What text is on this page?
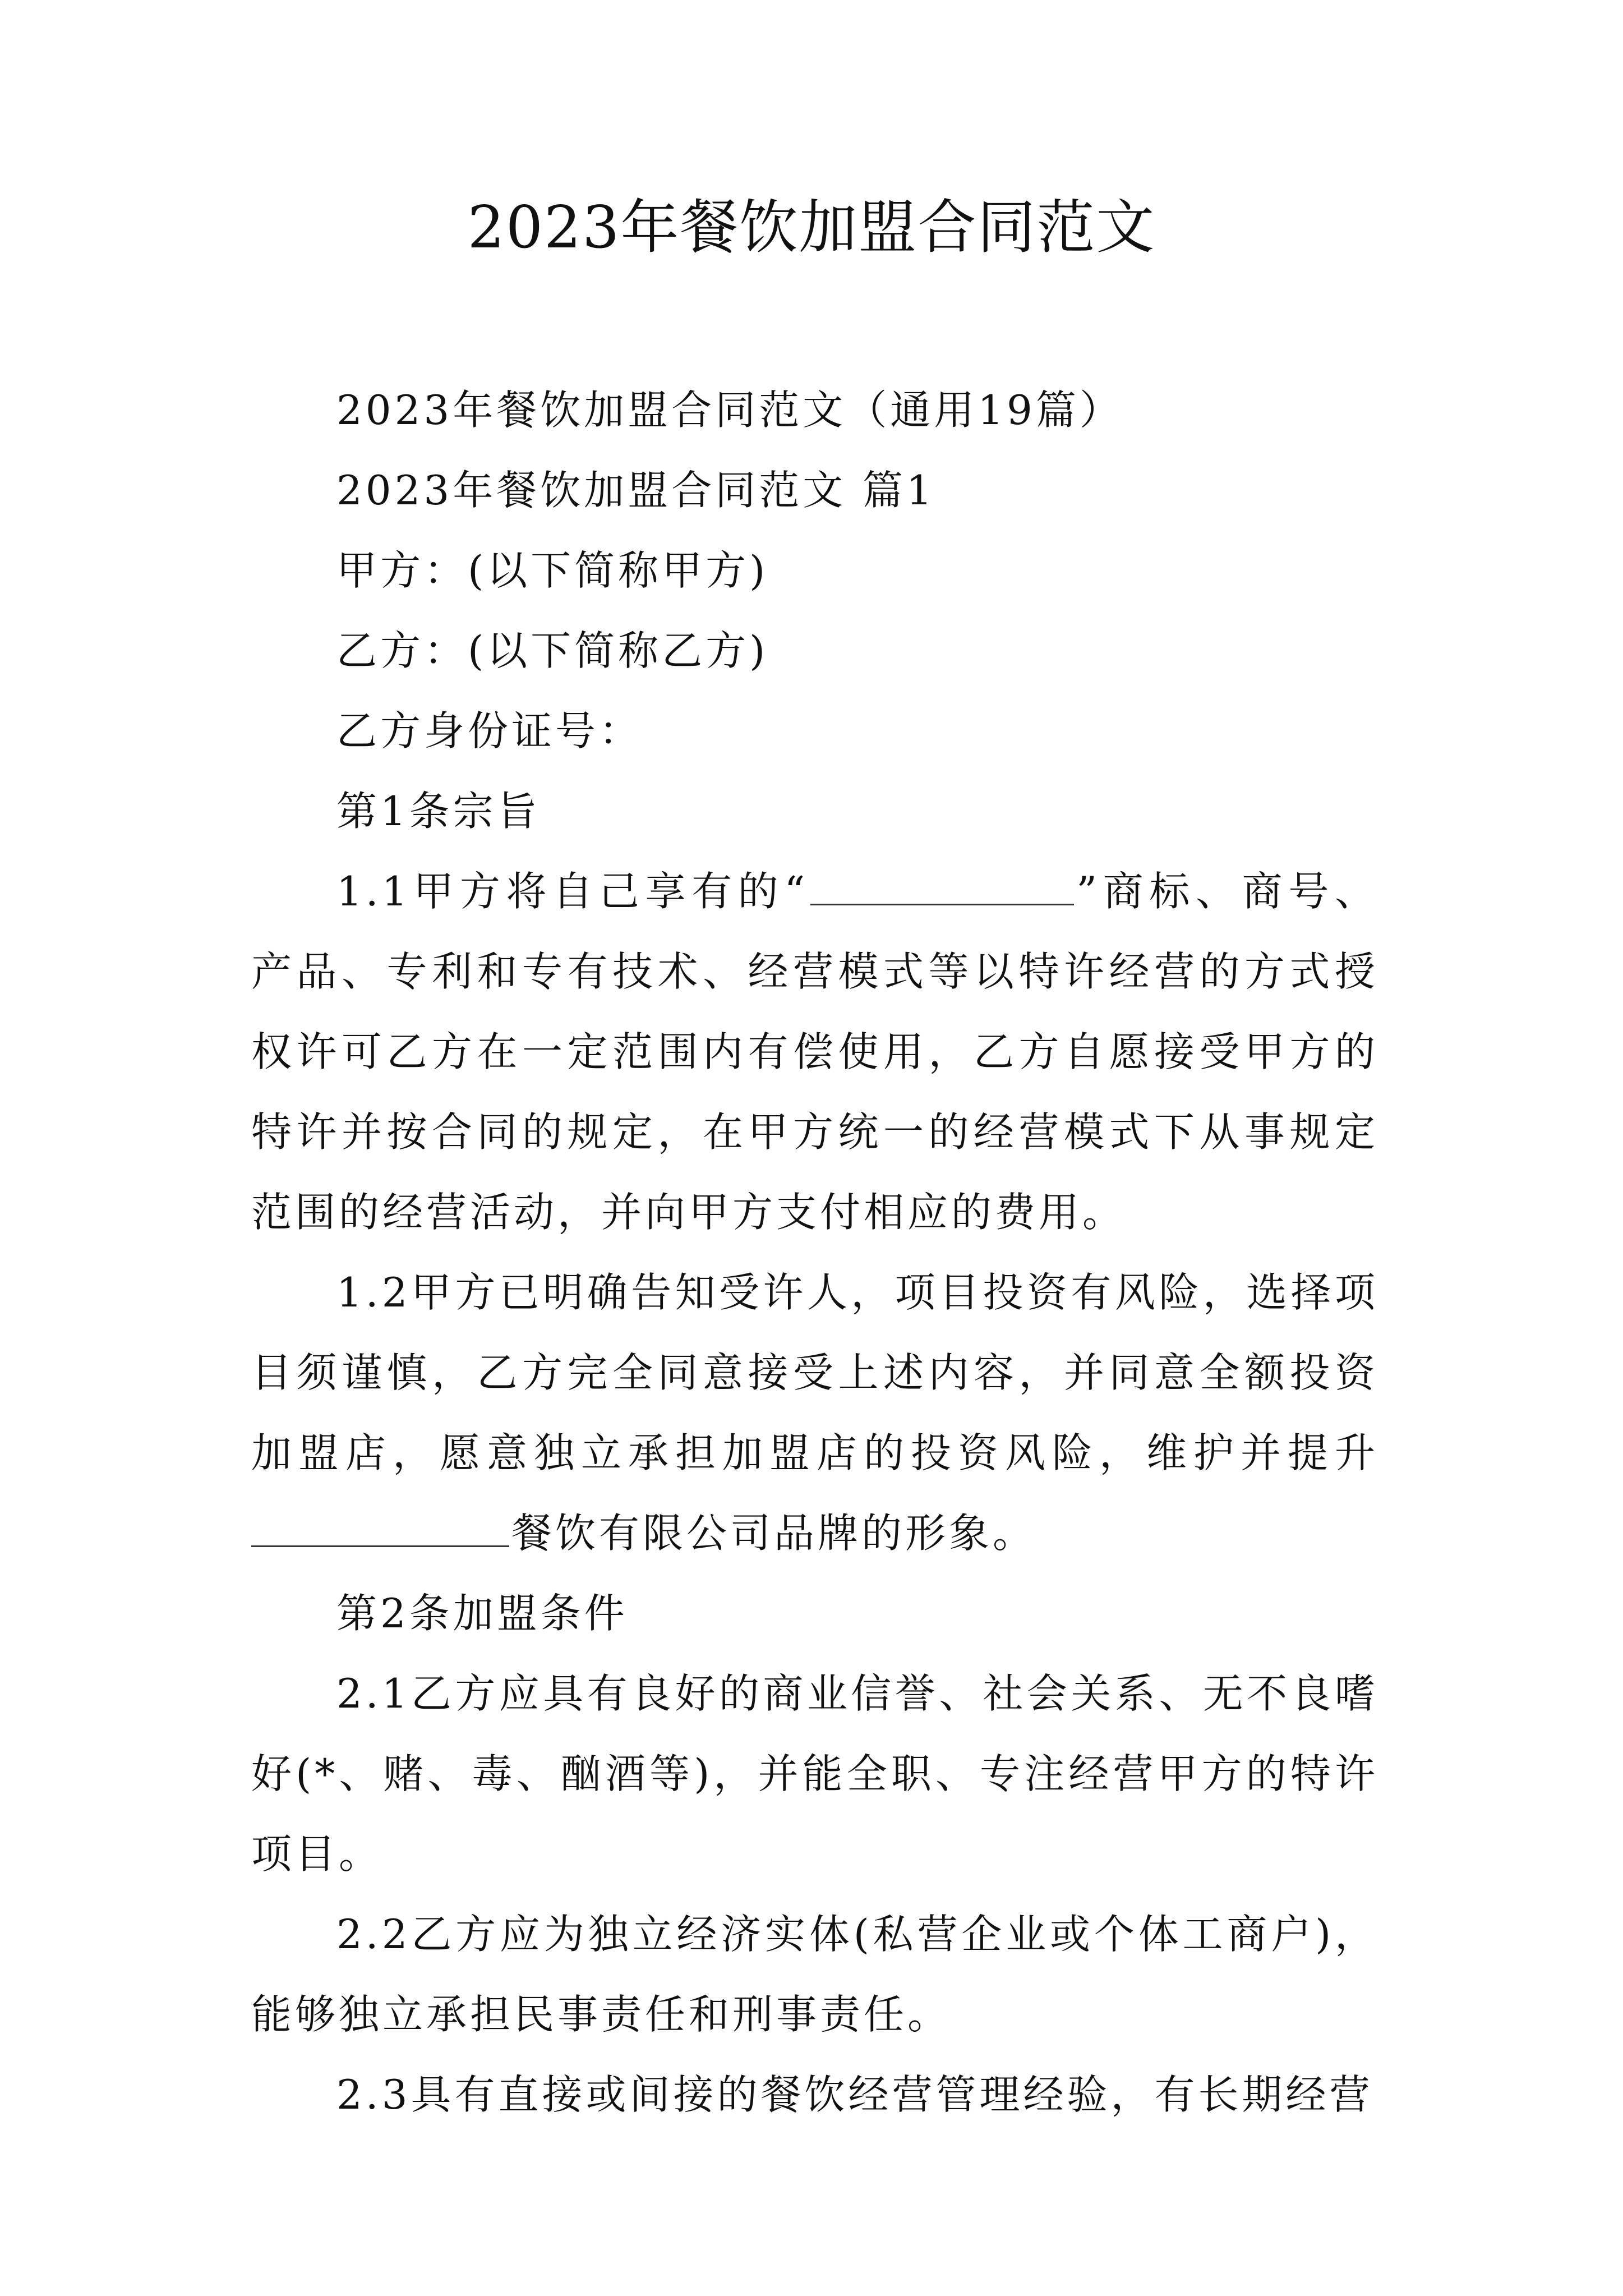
2023年餐饮加盟合同范文

2023年餐饮加盟合同范文（通用19篇）

2023年餐饮加盟合同范文 篇1

甲方：(以下简称甲方)

乙方：(以下简称乙方)

乙方身份证号：

第1条宗旨

1.1甲方将自己享有的“	”商标、商号、产品、专利和专有技术、经营模式等以特许经营的方式授权许可乙方在一定范围内有偿使用，乙方自愿接受甲方的特许并按合同的规定，在甲方统一的经营模式下从事规定范围的经营活动，并向甲方支付相应的费用。

1.2甲方已明确告知受许人，项目投资有风险，选择项目须谨慎，乙方完全同意接受上述内容，并同意全额投资加盟店，愿意独立承担加盟店的投资风险，维护并提升

餐饮有限公司品牌的形象。

第2条加盟条件

2.1乙方应具有良好的商业信誉、社会关系、无不良嗜好(*、赌、毒、酗酒等)，并能全职、专注经营甲方的特许项目。

2.2乙方应为独立经济实体(私营企业或个体工商户)，能够独立承担民事责任和刑事责任。

2.3具有直接或间接的餐饮经营管理经验，有长期经营
